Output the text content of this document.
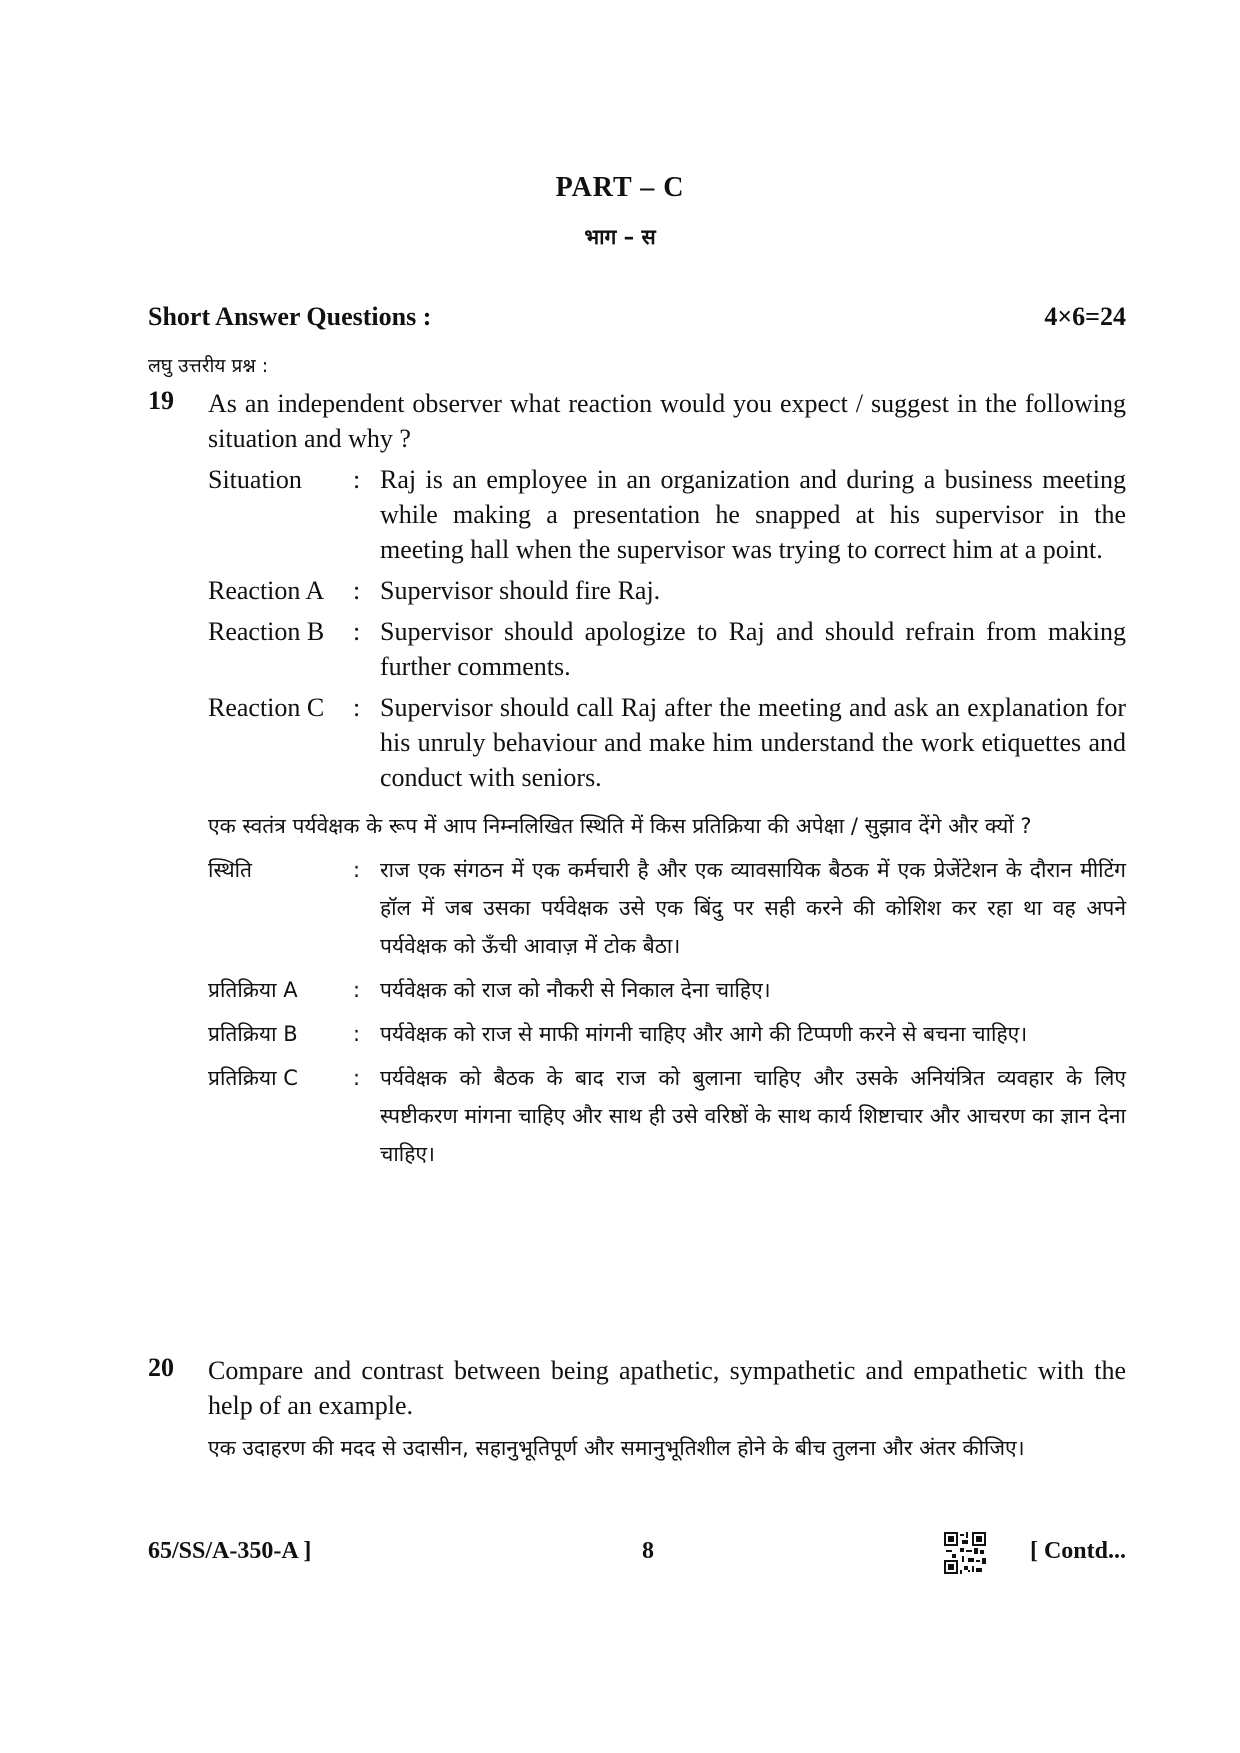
PART – C
भाग – स
Short Answer Questions :	4×6=24
लघु उत्तरीय प्रश्न :
19 As an independent observer what reaction would you expect / suggest in the following situation and why ?
Situation	: Raj is an employee in an organization and during a business meeting while making a presentation he snapped at his supervisor in the meeting hall when the supervisor was trying to correct him at a point.
Reaction A	: Supervisor should fire Raj.
Reaction B	: Supervisor should apologize to Raj and should refrain from making further comments.
Reaction C	: Supervisor should call Raj after the meeting and ask an explanation for his unruly behaviour and make him understand the work etiquettes and conduct with seniors.
एक स्वतंत्र पर्यवेक्षक के रूप में आप निम्नलिखित स्थिति में किस प्रतिक्रिया की अपेक्षा / सुझाव देंगे और क्यों ?
स्थिति	: राज एक संगठन में एक कर्मचारी है और एक व्यावसायिक बैठक में एक प्रेजेंटेशन के दौरान मीटिंग हॉल में जब उसका पर्यवेक्षक उसे एक बिंदु पर सही करने की कोशिश कर रहा था वह अपने पर्यवेक्षक को ऊँची आवाज़ में टोक बैठा।
प्रतिक्रिया A	: पर्यवेक्षक को राज को नौकरी से निकाल देना चाहिए।
प्रतिक्रिया B	: पर्यवेक्षक को राज से माफी मांगनी चाहिए और आगे की टिप्पणी करने से बचना चाहिए।
प्रतिक्रिया C	: पर्यवेक्षक को बैठक के बाद राज को बुलाना चाहिए और उसके अनियंत्रित व्यवहार के लिए स्पष्टीकरण मांगना चाहिए और साथ ही उसे वरिष्ठों के साथ कार्य शिष्टाचार और आचरण का ज्ञान देना चाहिए।
20 Compare and contrast between being apathetic, sympathetic and empathetic with the help of an example.
एक उदाहरण की मदद से उदासीन, सहानुभूतिपूर्ण और समानुभूतिशील होने के बीच तुलना और अंतर कीजिए।
65/SS/A-350-A ]	8	[ Contd...
